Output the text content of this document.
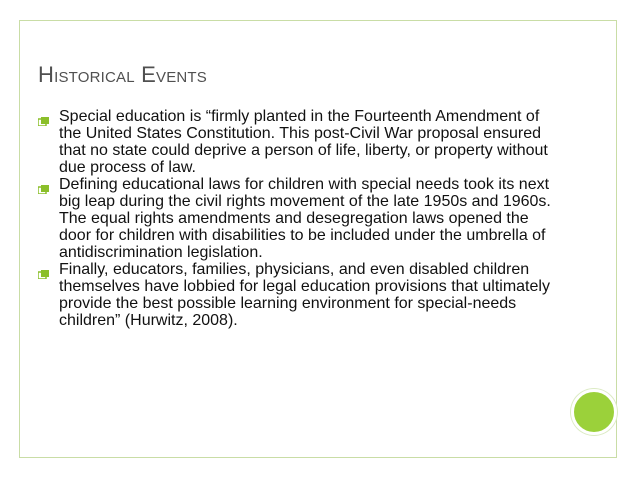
Historical Events
Special education is “firmly planted in the Fourteenth Amendment of the United States Constitution. This post-Civil War proposal ensured that no state could deprive a person of life, liberty, or property without due process of law.
Defining educational laws for children with special needs took its next big leap during the civil rights movement of the late 1950s and 1960s. The equal rights amendments and desegregation laws opened the door for children with disabilities to be included under the umbrella of antidiscrimination legislation.
Finally, educators, families, physicians, and even disabled children themselves have lobbied for legal education provisions that ultimately provide the best possible learning environment for special-needs children” (Hurwitz, 2008).
